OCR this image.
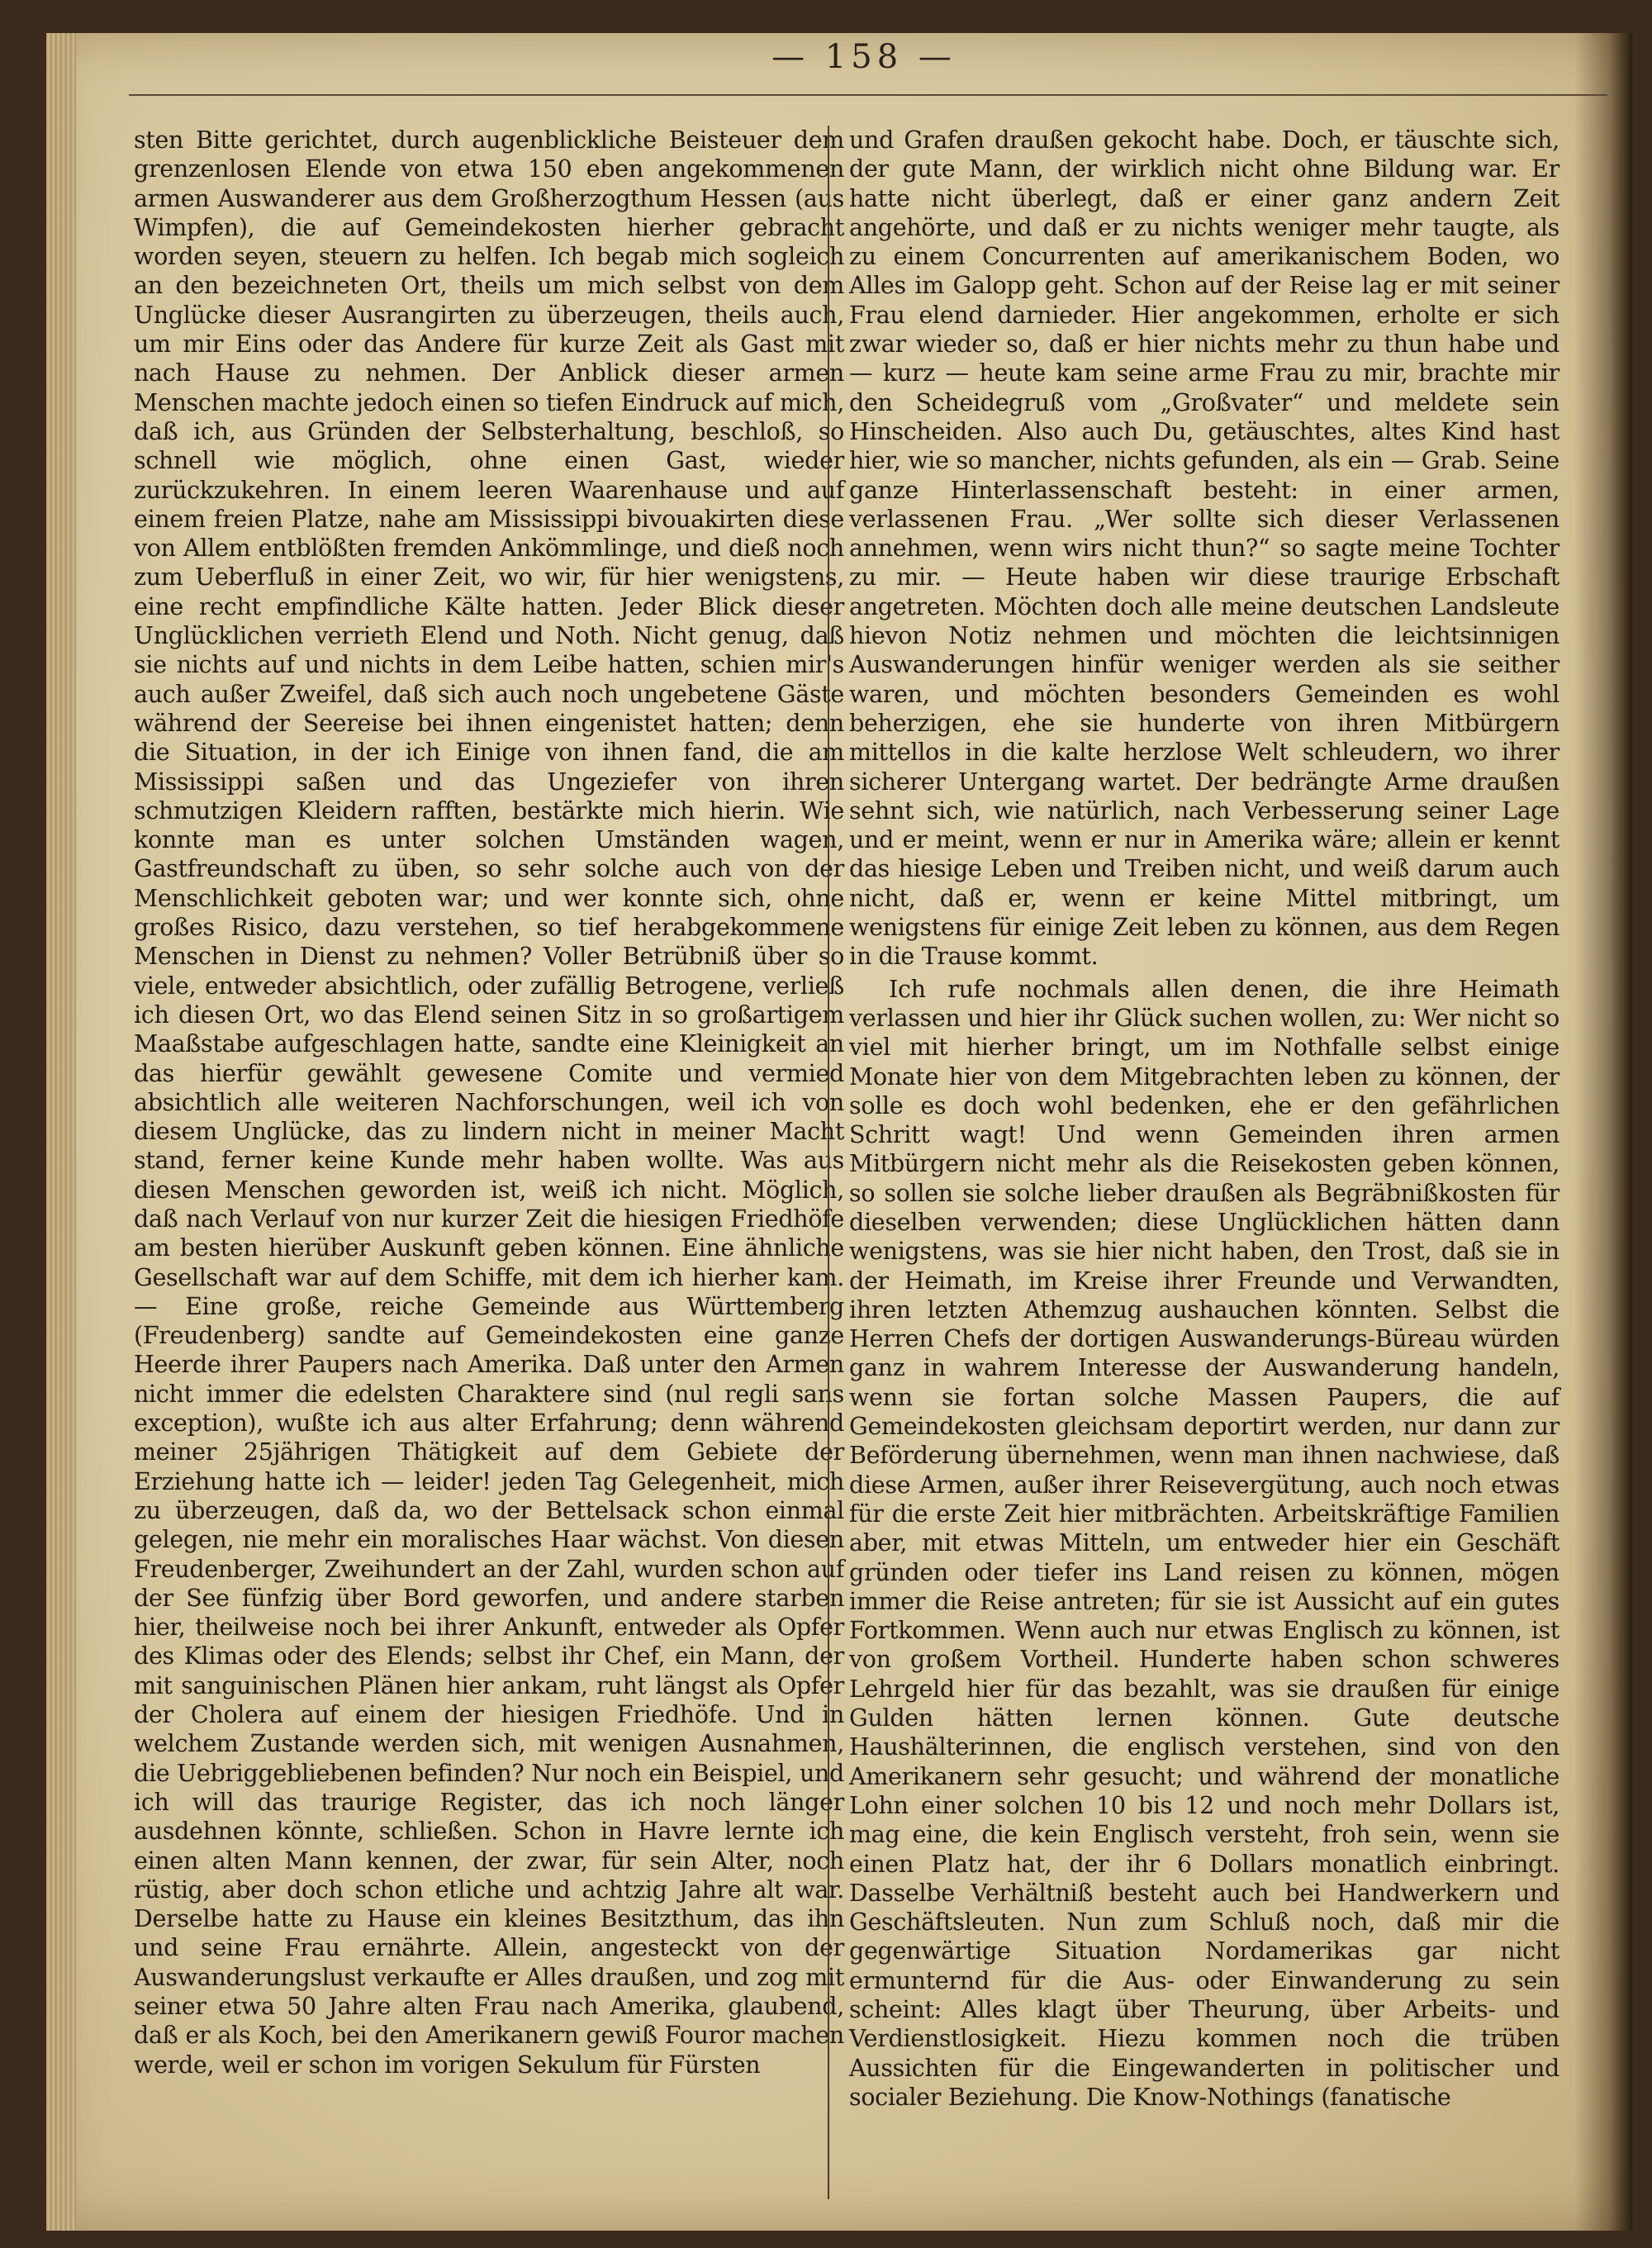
— 158 —

sten Bitte gerichtet, durch augenblickliche Beisteuer dem grenzenlosen Elende von etwa 150 eben angekommenen armen Auswanderer aus dem Großherzogthum Hessen (aus Wimpfen), die auf Gemeindekosten hierher gebracht worden seyen, steuern zu helfen. Ich begab mich sogleich an den bezeichneten Ort, theils um mich selbst von dem Unglücke dieser Ausrangirten zu überzeugen, theils auch, um mir Eins oder das Andere für kurze Zeit als Gast mit nach Hause zu nehmen. Der Anblick dieser armen Menschen machte jedoch einen so tiefen Eindruck auf mich, daß ich, aus Gründen der Selbsterhaltung, beschloß, so schnell wie möglich, ohne einen Gast, wieder zurückzukehren. In einem leeren Waarenhause und auf einem freien Platze, nahe am Mississippi bivouakirten diese von Allem entblößten fremden Ankömmlinge, und dieß noch zum Ueberfluß in einer Zeit, wo wir, für hier wenigstens, eine recht empfindliche Kälte hatten. Jeder Blick dieser Unglücklichen verrieth Elend und Noth. Nicht genug, daß sie nichts auf und nichts in dem Leibe hatten, schien mir's auch außer Zweifel, daß sich auch noch ungebetene Gäste während der Seereise bei ihnen eingenistet hatten; denn die Situation, in der ich Einige von ihnen fand, die am Mississippi saßen und das Ungeziefer von ihren schmutzigen Kleidern rafften, bestärkte mich hierin. Wie konnte man es unter solchen Umständen wagen, Gastfreundschaft zu üben, so sehr solche auch von der Menschlichkeit geboten war; und wer konnte sich, ohne großes Risico, dazu verstehen, so tief herabgekommene Menschen in Dienst zu nehmen? Voller Betrübniß über so viele, entweder absichtlich, oder zufällig Betrogene, verließ ich diesen Ort, wo das Elend seinen Sitz in so großartigem Maaßstabe aufgeschlagen hatte, sandte eine Kleinigkeit an das hierfür gewählt gewesene Comite und vermied absichtlich alle weiteren Nachforschungen, weil ich von diesem Unglücke, das zu lindern nicht in meiner Macht stand, ferner keine Kunde mehr haben wollte. Was aus diesen Menschen geworden ist, weiß ich nicht. Möglich, daß nach Verlauf von nur kurzer Zeit die hiesigen Friedhöfe am besten hierüber Auskunft geben können. Eine ähnliche Gesellschaft war auf dem Schiffe, mit dem ich hierher kam. — Eine große, reiche Gemeinde aus Württemberg (Freudenberg) sandte auf Gemeindekosten eine ganze Heerde ihrer Paupers nach Amerika. Daß unter den Armen nicht immer die edelsten Charaktere sind (nul regli sans exception), wußte ich aus alter Erfahrung; denn während meiner 25jährigen Thätigkeit auf dem Gebiete der Erziehung hatte ich — leider! jeden Tag Gelegenheit, mich zu überzeugen, daß da, wo der Bettelsack schon einmal gelegen, nie mehr ein moralisches Haar wächst. Von diesen Freudenberger, Zweihundert an der Zahl, wurden schon auf der See fünfzig über Bord geworfen, und andere starben hier, theilweise noch bei ihrer Ankunft, entweder als Opfer des Klimas oder des Elends; selbst ihr Chef, ein Mann, der mit sanguinischen Plänen hier ankam, ruht längst als Opfer der Cholera auf einem der hiesigen Friedhöfe. Und in welchem Zustande werden sich, mit wenigen Ausnahmen, die Uebriggebliebenen befinden? Nur noch ein Beispiel, und ich will das traurige Register, das ich noch länger ausdehnen könnte, schließen. Schon in Havre lernte ich einen alten Mann kennen, der zwar, für sein Alter, noch rüstig, aber doch schon etliche und achtzig Jahre alt war. Derselbe hatte zu Hause ein kleines Besitzthum, das ihn und seine Frau ernährte. Allein, angesteckt von der Auswanderungslust verkaufte er Alles draußen, und zog mit seiner etwa 50 Jahre alten Frau nach Amerika, glaubend, daß er als Koch, bei den Amerikanern gewiß Fouror machen werde, weil er schon im vorigen Sekulum für Fürsten

und Grafen draußen gekocht habe. Doch, er täuschte sich, der gute Mann, der wirklich nicht ohne Bildung war. Er hatte nicht überlegt, daß er einer ganz andern Zeit angehörte, und daß er zu nichts weniger mehr taugte, als zu einem Concurrenten auf amerikanischem Boden, wo Alles im Galopp geht. Schon auf der Reise lag er mit seiner Frau elend darnieder. Hier angekommen, erholte er sich zwar wieder so, daß er hier nichts mehr zu thun habe und — kurz — heute kam seine arme Frau zu mir, brachte mir den Scheidegruß vom „Großvater“ und meldete sein Hinscheiden. Also auch Du, getäuschtes, altes Kind hast hier, wie so mancher, nichts gefunden, als ein — Grab. Seine ganze Hinterlassenschaft besteht: in einer armen, verlassenen Frau. „Wer sollte sich dieser Verlassenen annehmen, wenn wirs nicht thun?“ so sagte meine Tochter zu mir. — Heute haben wir diese traurige Erbschaft angetreten. Möchten doch alle meine deutschen Landsleute hievon Notiz nehmen und möchten die leichtsinnigen Auswanderungen hinfür weniger werden als sie seither waren, und möchten besonders Gemeinden es wohl beherzigen, ehe sie hunderte von ihren Mitbürgern mittellos in die kalte herzlose Welt schleudern, wo ihrer sicherer Untergang wartet. Der bedrängte Arme draußen sehnt sich, wie natürlich, nach Verbesserung seiner Lage und er meint, wenn er nur in Amerika wäre; allein er kennt das hiesige Leben und Treiben nicht, und weiß darum auch nicht, daß er, wenn er keine Mittel mitbringt, um wenigstens für einige Zeit leben zu können, aus dem Regen in die Trause kommt.

Ich rufe nochmals allen denen, die ihre Heimath verlassen und hier ihr Glück suchen wollen, zu: Wer nicht so viel mit hierher bringt, um im Nothfalle selbst einige Monate hier von dem Mitgebrachten leben zu können, der solle es doch wohl bedenken, ehe er den gefährlichen Schritt wagt! Und wenn Gemeinden ihren armen Mitbürgern nicht mehr als die Reisekosten geben können, so sollen sie solche lieber draußen als Begräbnißkosten für dieselben verwenden; diese Unglücklichen hätten dann wenigstens, was sie hier nicht haben, den Trost, daß sie in der Heimath, im Kreise ihrer Freunde und Verwandten, ihren letzten Athemzug aushauchen könnten. Selbst die Herren Chefs der dortigen Auswanderungs-Büreau würden ganz in wahrem Interesse der Auswanderung handeln, wenn sie fortan solche Massen Paupers, die auf Gemeindekosten gleichsam deportirt werden, nur dann zur Beförderung übernehmen, wenn man ihnen nachwiese, daß diese Armen, außer ihrer Reisevergütung, auch noch etwas für die erste Zeit hier mitbrächten. Arbeitskräftige Familien aber, mit etwas Mitteln, um entweder hier ein Geschäft gründen oder tiefer ins Land reisen zu können, mögen immer die Reise antreten; für sie ist Aussicht auf ein gutes Fortkommen. Wenn auch nur etwas Englisch zu können, ist von großem Vortheil. Hunderte haben schon schweres Lehrgeld hier für das bezahlt, was sie draußen für einige Gulden hätten lernen können. Gute deutsche Haushälterinnen, die englisch verstehen, sind von den Amerikanern sehr gesucht; und während der monatliche Lohn einer solchen 10 bis 12 und noch mehr Dollars ist, mag eine, die kein Englisch versteht, froh sein, wenn sie einen Platz hat, der ihr 6 Dollars monatlich einbringt. Dasselbe Verhältniß besteht auch bei Handwerkern und Geschäftsleuten. Nun zum Schluß noch, daß mir die gegenwärtige Situation Nordamerikas gar nicht ermunternd für die Aus- oder Einwanderung zu sein scheint: Alles klagt über Theurung, über Arbeits- und Verdienstlosigkeit. Hiezu kommen noch die trüben Aussichten für die Eingewanderten in politischer und socialer Beziehung. Die Know-Nothings (fanatische
